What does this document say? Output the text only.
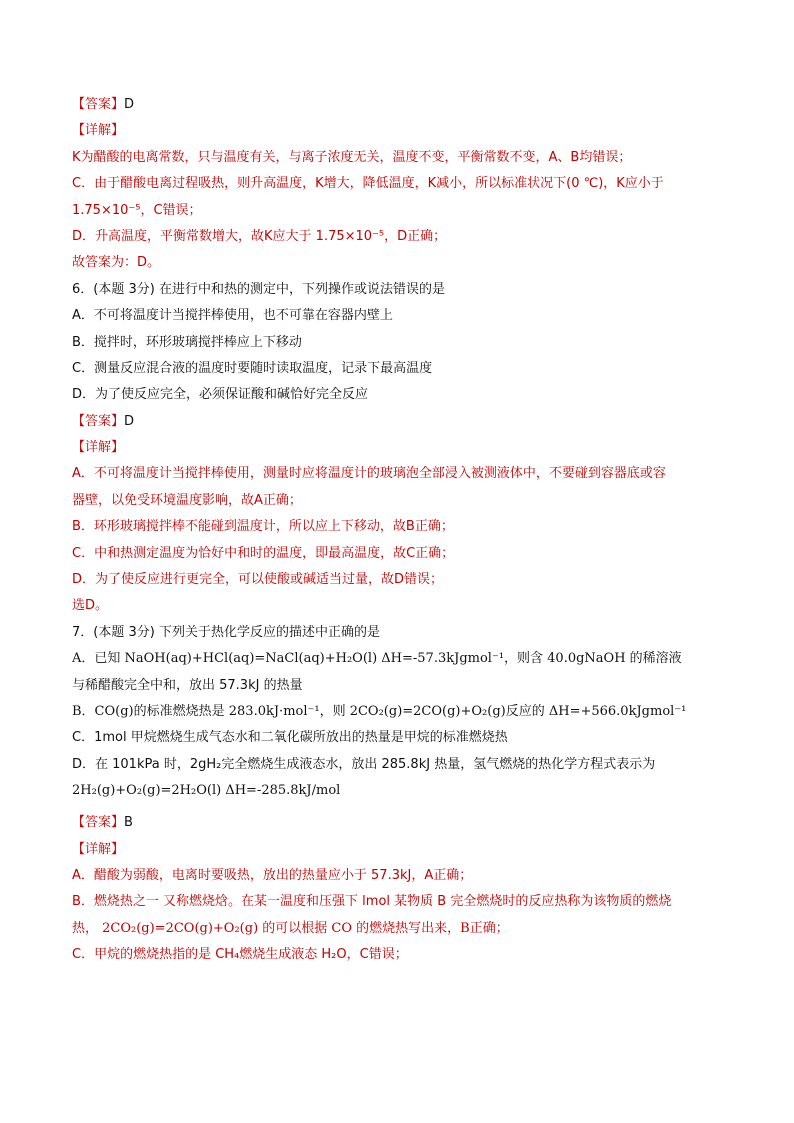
【答案】D
【详解】
K为醋酸的电离常数，只与温度有关，与离子浓度无关，温度不变，平衡常数不变，A、B均错误；
C．由于醋酸电离过程吸热，则升高温度，K增大，降低温度，K减小，所以标准状况下(0 ℃)，K应小于
1.75×10⁻⁵，C错误；
D．升高温度，平衡常数增大，故K应大于 1.75×10⁻⁵，D正确；
故答案为：D。
6．(本题 3分) 在进行中和热的测定中，下列操作或说法错误的是
A．不可将温度计当搅拌棒使用，也不可靠在容器内壁上
B．搅拌时，环形玻璃搅拌棒应上下移动
C．测量反应混合液的温度时要随时读取温度，记录下最高温度
D．为了使反应完全，必须保证酸和碱恰好完全反应
【答案】D
【详解】
A．不可将温度计当搅拌棒使用，测量时应将温度计的玻璃泡全部浸入被测液体中，不要碰到容器底或容
器壁，以免受环境温度影响，故A正确；
B．环形玻璃搅拌棒不能碰到温度计，所以应上下移动，故B正确；
C．中和热测定温度为恰好中和时的温度，即最高温度，故C正确；
D．为了使反应进行更完全，可以使酸或碱适当过量，故D错误；
选D。
7．(本题 3分) 下列关于热化学反应的描述中正确的是
A．已知 NaOH(aq)+HCl(aq)=NaCl(aq)+H₂O(l) ΔH=-57.3kJgmol⁻¹，则含 40.0gNaOH 的稀溶液
与稀醋酸完全中和，放出 57.3kJ 的热量
B．CO(g)的标准燃烧热是 283.0kJ·mol⁻¹，则 2CO₂(g)=2CO(g)+O₂(g)反应的 ΔH=+566.0kJgmol⁻¹
C．1mol 甲烷燃烧生成气态水和二氧化碳所放出的热量是甲烷的标准燃烧热
D．在 101kPa 时，2gH₂完全燃烧生成液态水，放出 285.8kJ 热量，氢气燃烧的热化学方程式表示为
2H₂(g)+O₂(g)=2H₂O(l) ΔH=-285.8kJ/mol
【答案】B
【详解】
A．醋酸为弱酸，电离时要吸热，放出的热量应小于 57.3kJ，A正确；
B．燃烧热之一 又称燃烧焓。在某一温度和压强下 lmol 某物质 B 完全燃烧时的反应热称为该物质的燃烧
热， 2CO₂(g)=2CO(g)+O₂(g) 的可以根据 CO 的燃烧热写出来，B正确；
C．甲烷的燃烧热指的是 CH₄燃烧生成液态 H₂O，C错误；
